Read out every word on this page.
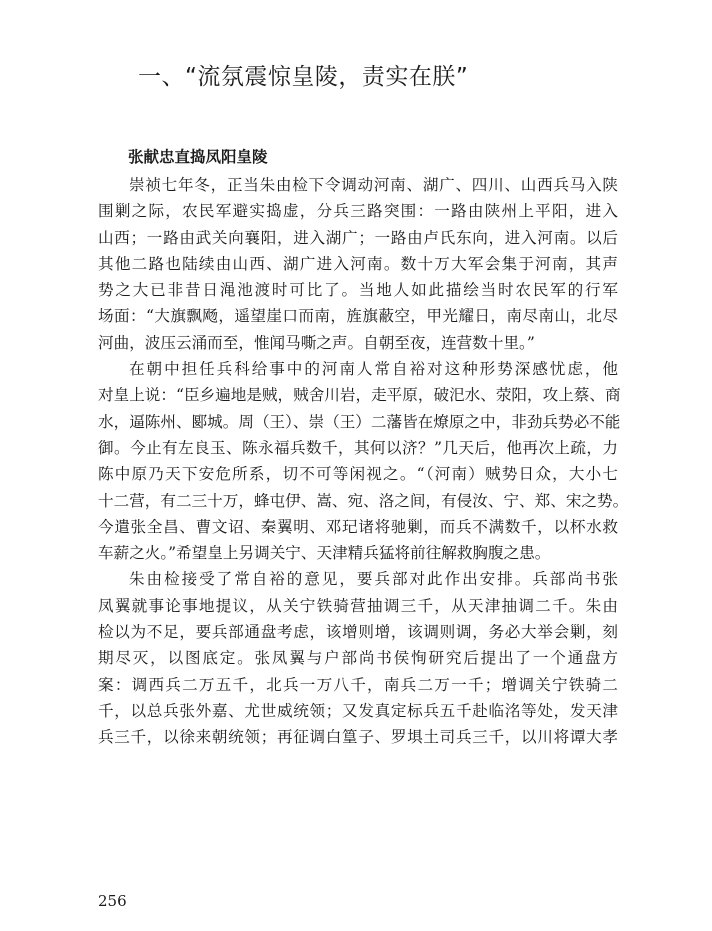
一、“流氛震惊皇陵，责实在朕”
张献忠直捣凤阳皇陵
崇祯七年冬，正当朱由检下令调动河南、湖广、四川、山西兵马入陕
围剿之际，农民军避实捣虚，分兵三路突围：一路由陕州上平阳，进入
山西；一路由武关向襄阳，进入湖广；一路由卢氏东向，进入河南。以后
其他二路也陆续由山西、湖广进入河南。数十万大军会集于河南，其声
势之大已非昔日渑池渡时可比了。当地人如此描绘当时农民军的行军
场面：“大旗飘飏，遥望崖口而南，旌旗蔽空，甲光耀日，南尽南山，北尽
河曲，波压云涌而至，惟闻马嘶之声。自朝至夜，连营数十里。”
在朝中担任兵科给事中的河南人常自裕对这种形势深感忧虑，他
对皇上说：“臣乡遍地是贼，贼舍川岩，走平原，破汜水、荥阳，攻上蔡、商
水，逼陈州、郾城。周（王）、崇（王）二藩皆在燎原之中，非劲兵势必不能
御。今止有左良玉、陈永福兵数千，其何以济？”几天后，他再次上疏，力
陈中原乃天下安危所系，切不可等闲视之。“（河南）贼势日众，大小七
十二营，有二三十万，蜂屯伊、嵩、宛、洛之间，有侵汝、宁、郑、宋之势。
今遣张全昌、曹文诏、秦翼明、邓玘诸将驰剿，而兵不满数千，以杯水救
车薪之火。”希望皇上另调关宁、天津精兵猛将前往解救胸腹之患。
朱由检接受了常自裕的意见，要兵部对此作出安排。兵部尚书张
凤翼就事论事地提议，从关宁铁骑营抽调三千，从天津抽调二千。朱由
检以为不足，要兵部通盘考虑，该增则增，该调则调，务必大举会剿，刻
期尽灭，以图底定。张凤翼与户部尚书侯恂研究后提出了一个通盘方
案：调西兵二万五千，北兵一万八千，南兵二万一千；增调关宁铁骑二
千，以总兵张外嘉、尤世威统领；又发真定标兵五千赴临洺等处，发天津
兵三千，以徐来朝统领；再征调白篁子、罗埧土司兵三千，以川将谭大孝
256
